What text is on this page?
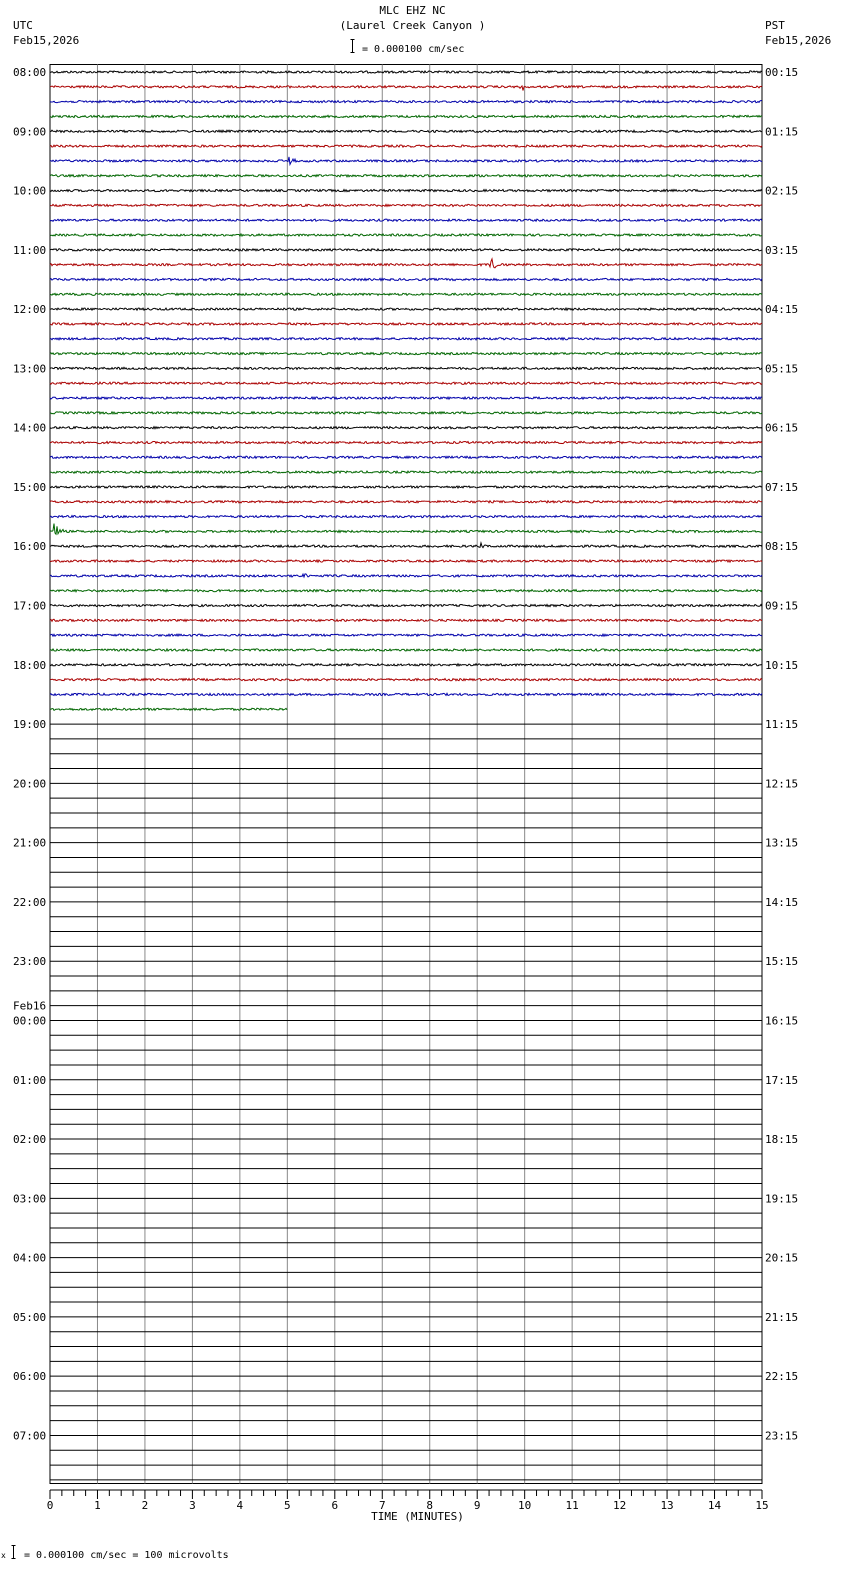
MLC EHZ NC
(Laurel Creek Canyon )
= 0.000100 cm/sec
UTC
Feb15,2026
PST
Feb15,2026
08:00
09:00
10:00
11:00
12:00
13:00
14:00
15:00
16:00
17:00
18:00
19:00
20:00
21:00
22:00
23:00
00:00
01:00
02:00
03:00
04:00
05:00
06:00
07:00
Feb16
00:15
01:15
02:15
03:15
04:15
05:15
06:15
07:15
08:15
09:15
10:15
11:15
12:15
13:15
14:15
15:15
16:15
17:15
18:15
19:15
20:15
21:15
22:15
23:15
0	1	2	3	4	5	6	7	8	9	10	11	12	13	14	15
TIME (MINUTES)
x = 0.000100 cm/sec = 100 microvolts
